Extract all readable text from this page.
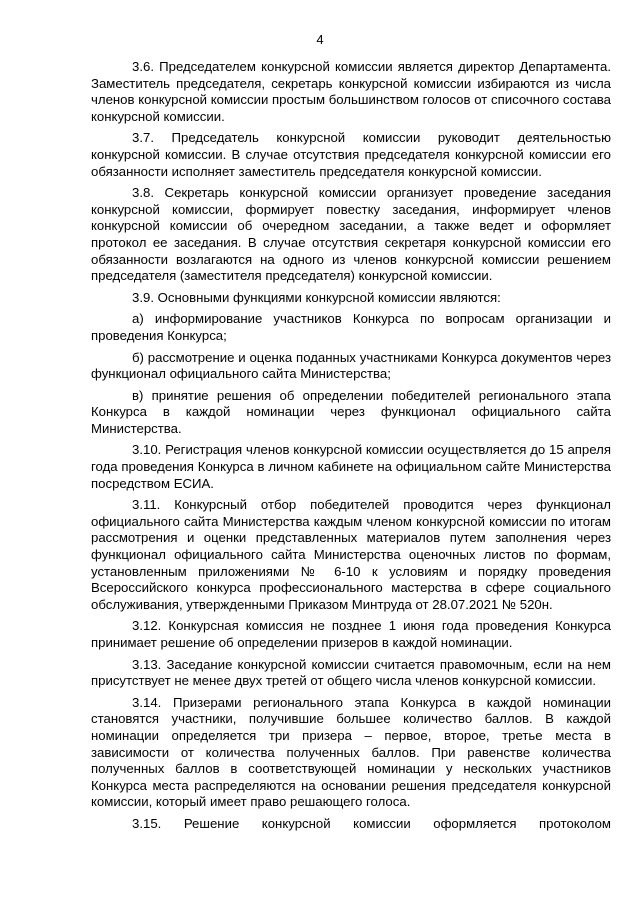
4

3.6. Председателем конкурсной комиссии является директор Департамента. Заместитель председателя, секретарь конкурсной комиссии избираются из числа членов конкурсной комиссии простым большинством голосов от списочного состава конкурсной комиссии.

3.7. Председатель конкурсной комиссии руководит деятельностью конкурсной комиссии. В случае отсутствия председателя конкурсной комиссии его обязанности исполняет заместитель председателя конкурсной комиссии.

3.8. Секретарь конкурсной комиссии организует проведение заседания конкурсной комиссии, формирует повестку заседания, информирует членов конкурсной комиссии об очередном заседании, а также ведет и оформляет протокол ее заседания. В случае отсутствия секретаря конкурсной комиссии его обязанности возлагаются на одного из членов конкурсной комиссии решением председателя (заместителя председателя) конкурсной комиссии.

3.9. Основными функциями конкурсной комиссии являются:

а) информирование участников Конкурса по вопросам организации и проведения Конкурса;

б) рассмотрение и оценка поданных участниками Конкурса документов через функционал официального сайта Министерства;

в) принятие решения об определении победителей регионального этапа Конкурса в каждой номинации через функционал официального сайта Министерства.

3.10. Регистрация членов конкурсной комиссии осуществляется до 15 апреля года проведения Конкурса в личном кабинете на официальном сайте Министерства посредством ЕСИА.

3.11. Конкурсный отбор победителей проводится через функционал официального сайта Министерства каждым членом конкурсной комиссии по итогам рассмотрения и оценки представленных материалов путем заполнения через функционал официального сайта Министерства оценочных листов по формам, установленным приложениями № 6-10 к условиям и порядку проведения Всероссийского конкурса профессионального мастерства в сфере социального обслуживания, утвержденными Приказом Минтруда от 28.07.2021 № 520н.

3.12. Конкурсная комиссия не позднее 1 июня года проведения Конкурса принимает решение об определении призеров в каждой номинации.

3.13. Заседание конкурсной комиссии считается правомочным, если на нем присутствует не менее двух третей от общего числа членов конкурсной комиссии.

3.14. Призерами регионального этапа Конкурса в каждой номинации становятся участники, получившие большее количество баллов. В каждой номинации определяется три призера – первое, второе, третье места в зависимости от количества полученных баллов. При равенстве количества полученных баллов в соответствующей номинации у нескольких участников Конкурса места распределяются на основании решения председателя конкурсной комиссии, который имеет право решающего голоса.

3.15. Решение конкурсной комиссии оформляется протоколом
